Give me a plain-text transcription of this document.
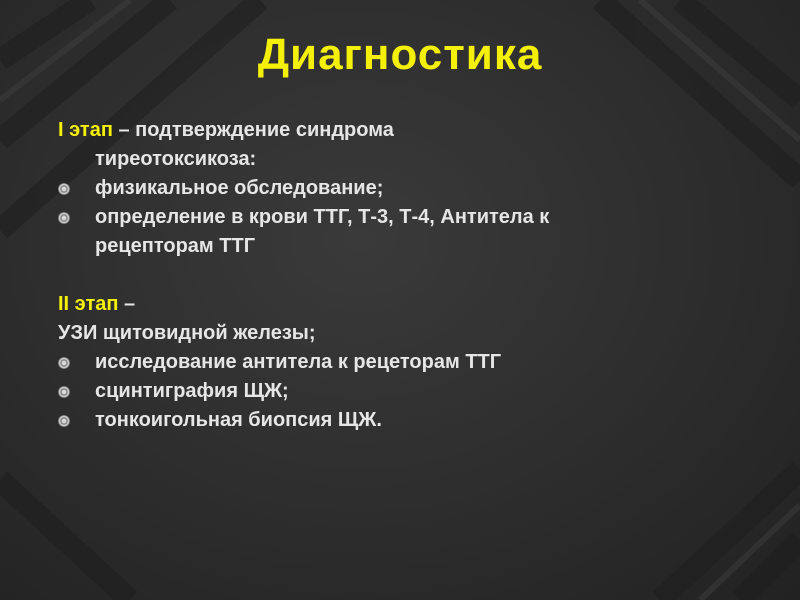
Диагностика
I этап – подтверждение синдрома
тиреотоксикоза:
физикальное обследование;
определение в крови ТТГ, Т-3, Т-4, Антитела к
рецепторам ТТГ
II этап –
УЗИ щитовидной железы;
исследование антитела к рецеторам ТТГ
сцинтиграфия ЩЖ;
тонкоигольная биопсия ЩЖ.
